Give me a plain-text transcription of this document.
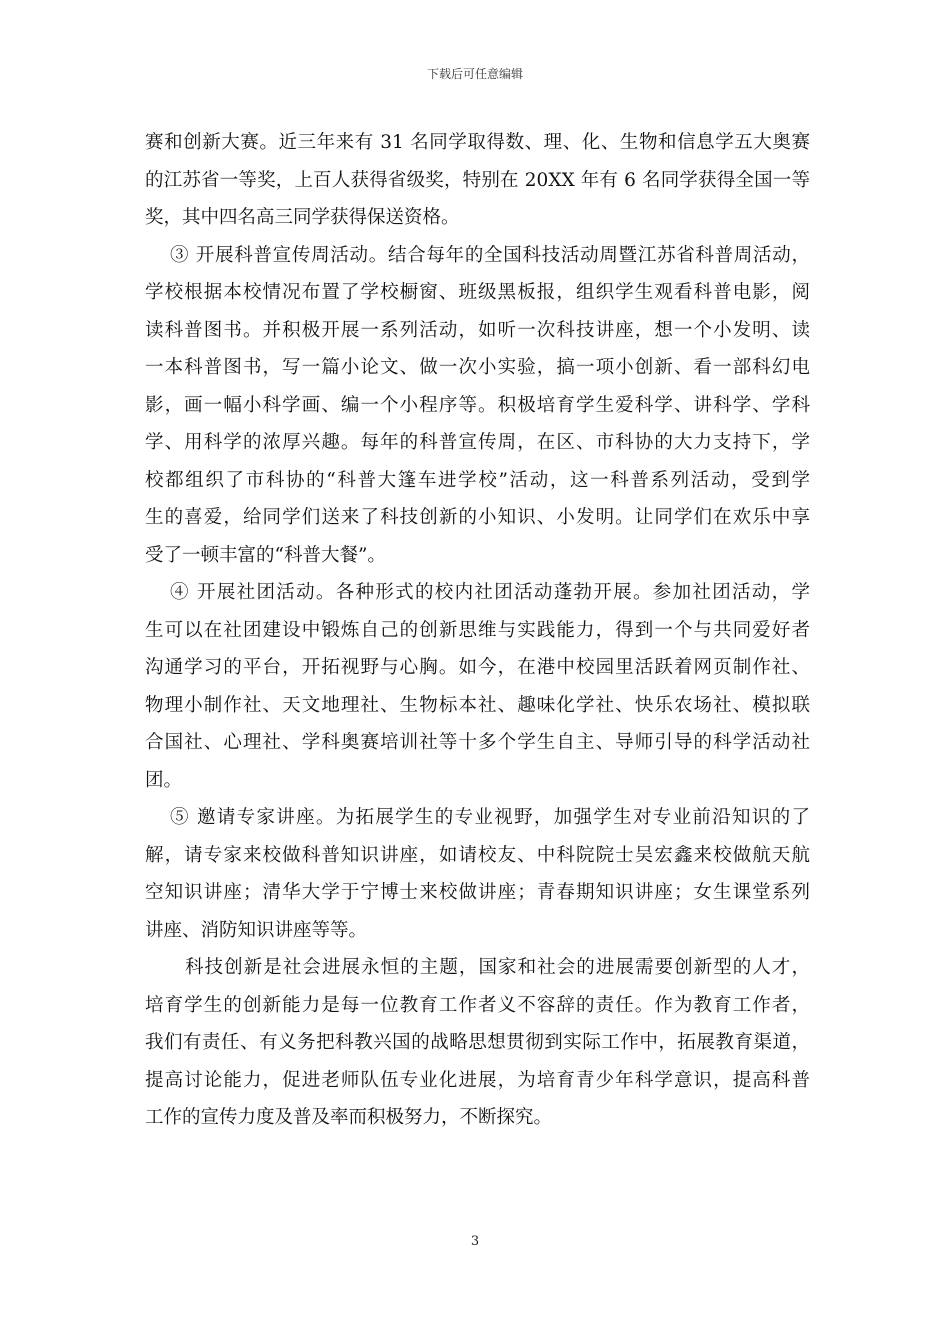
下载后可任意编辑
赛和创新大赛。近三年来有 31 名同学取得数、理、化、生物和信息学五大奥赛
的江苏省一等奖，上百人获得省级奖，特别在 20XX 年有 6 名同学获得全国一等
奖，其中四名高三同学获得保送资格。
③ 开展科普宣传周活动。结合每年的全国科技活动周暨江苏省科普周活动，
学校根据本校情况布置了学校橱窗、班级黑板报，组织学生观看科普电影，阅
读科普图书。并积极开展一系列活动，如听一次科技讲座，想一个小发明、读
一本科普图书，写一篇小论文、做一次小实验，搞一项小创新、看一部科幻电
影，画一幅小科学画、编一个小程序等。积极培育学生爱科学、讲科学、学科
学、用科学的浓厚兴趣。每年的科普宣传周，在区、市科协的大力支持下，学
校都组织了市科协的“科普大篷车进学校”活动，这一科普系列活动，受到学
生的喜爱，给同学们送来了科技创新的小知识、小发明。让同学们在欢乐中享
受了一顿丰富的“科普大餐”。
④ 开展社团活动。各种形式的校内社团活动蓬勃开展。参加社团活动，学
生可以在社团建设中锻炼自己的创新思维与实践能力，得到一个与共同爱好者
沟通学习的平台，开拓视野与心胸。如今，在港中校园里活跃着网页制作社、
物理小制作社、天文地理社、生物标本社、趣味化学社、快乐农场社、模拟联
合国社、心理社、学科奥赛培训社等十多个学生自主、导师引导的科学活动社
团。
⑤ 邀请专家讲座。为拓展学生的专业视野，加强学生对专业前沿知识的了
解，请专家来校做科普知识讲座，如请校友、中科院院士吴宏鑫来校做航天航
空知识讲座；清华大学于宁博士来校做讲座；青春期知识讲座；女生课堂系列
讲座、消防知识讲座等等。
科技创新是社会进展永恒的主题，国家和社会的进展需要创新型的人才，
培育学生的创新能力是每一位教育工作者义不容辞的责任。作为教育工作者，
我们有责任、有义务把科教兴国的战略思想贯彻到实际工作中，拓展教育渠道，
提高讨论能力，促进老师队伍专业化进展，为培育青少年科学意识，提高科普
工作的宣传力度及普及率而积极努力，不断探究。
3
